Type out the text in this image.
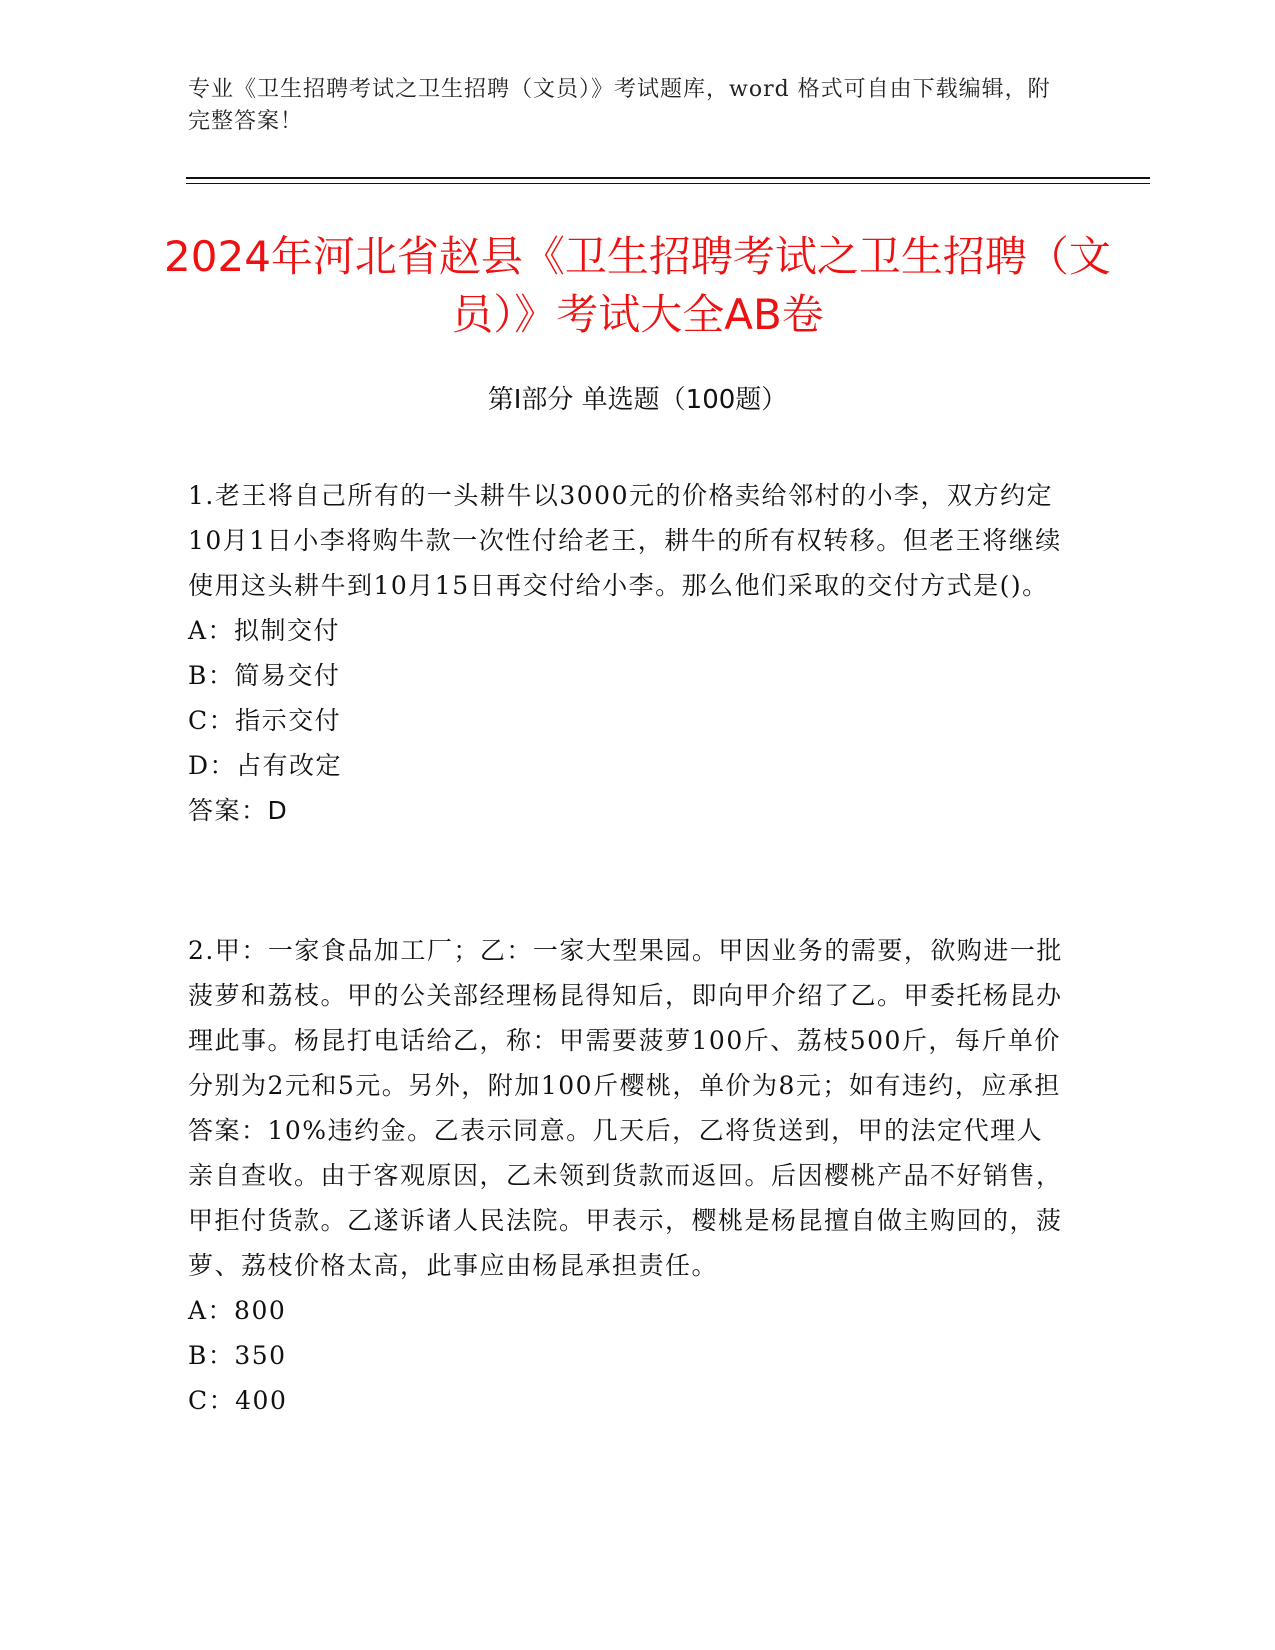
专业《卫生招聘考试之卫生招聘（文员）》考试题库，word 格式可自由下载编辑，附完整答案！
2024年河北省赵县《卫生招聘考试之卫生招聘（文员）》考试大全AB卷
第Ⅰ部分 单选题（100题）

1.老王将自己所有的一头耕牛以3000元的价格卖给邻村的小李，双方约定10月1日小李将购牛款一次性付给老王，耕牛的所有权转移。但老王将继续使用这头耕牛到10月15日再交付给小李。那么他们采取的交付方式是()。

A：拟制交付

B：简易交付

C：指示交付

D：占有改定

答案：D

2.甲：一家食品加工厂；乙：一家大型果园。甲因业务的需要，欲购进一批菠萝和荔枝。甲的公关部经理杨昆得知后，即向甲介绍了乙。甲委托杨昆办理此事。杨昆打电话给乙，称：甲需要菠萝100斤、荔枝500斤，每斤单价分别为2元和5元。另外，附加100斤樱桃，单价为8元；如有违约，应承担答案：10%违约金。乙表示同意。几天后，乙将货送到，甲的法定代理人亲自查收。由于客观原因，乙未领到货款而返回。后因樱桃产品不好销售，甲拒付货款。乙遂诉诸人民法院。甲表示，樱桃是杨昆擅自做主购回的，菠萝、荔枝价格太高，此事应由杨昆承担责任。

A：800

B：350

C：400
